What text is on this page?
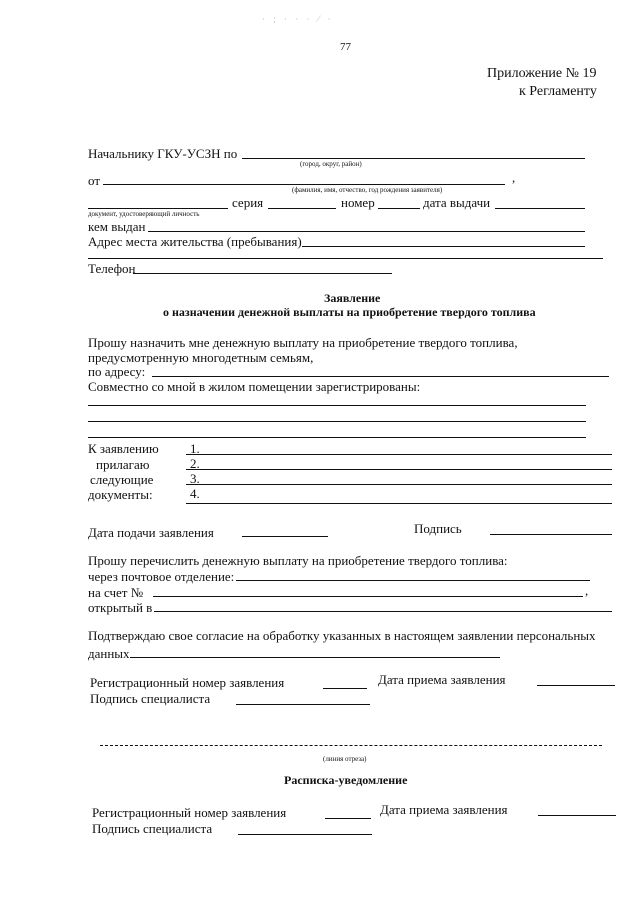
· ; · · · ⁄ ·
77
Приложение № 19
к Регламенту
Начальнику ГКУ-УСЗН по
(город, округ, район)
от	,
(фамилия, имя, отчество, год рождения заявителя)
серия	номер	дата выдачи
документ, удостоверяющий личность
кем выдан
Адрес места жительства (пребывания)
Телефон
Заявление
о назначении денежной выплаты на приобретение твердого топлива
Прошу назначить мне денежную выплату на приобретение твердого топлива,
предусмотренную многодетным семьям,
по адресу:
Совместно со мной в жилом помещении зарегистрированы:
К заявлению
прилагаю
следующие
документы:
1.
2.
3.
4.
Дата подачи заявления	Подпись
Прошу перечислить денежную выплату на приобретение твердого топлива:
через почтовое отделение:
на счет №	,
открытый в
Подтверждаю свое согласие на обработку указанных в настоящем заявлении персональных
данных
Регистрационный номер заявления	Дата приема заявления
Подпись специалиста
(линия отреза)
Расписка-уведомление
Регистрационный номер заявления	Дата приема заявления
Подпись специалиста
